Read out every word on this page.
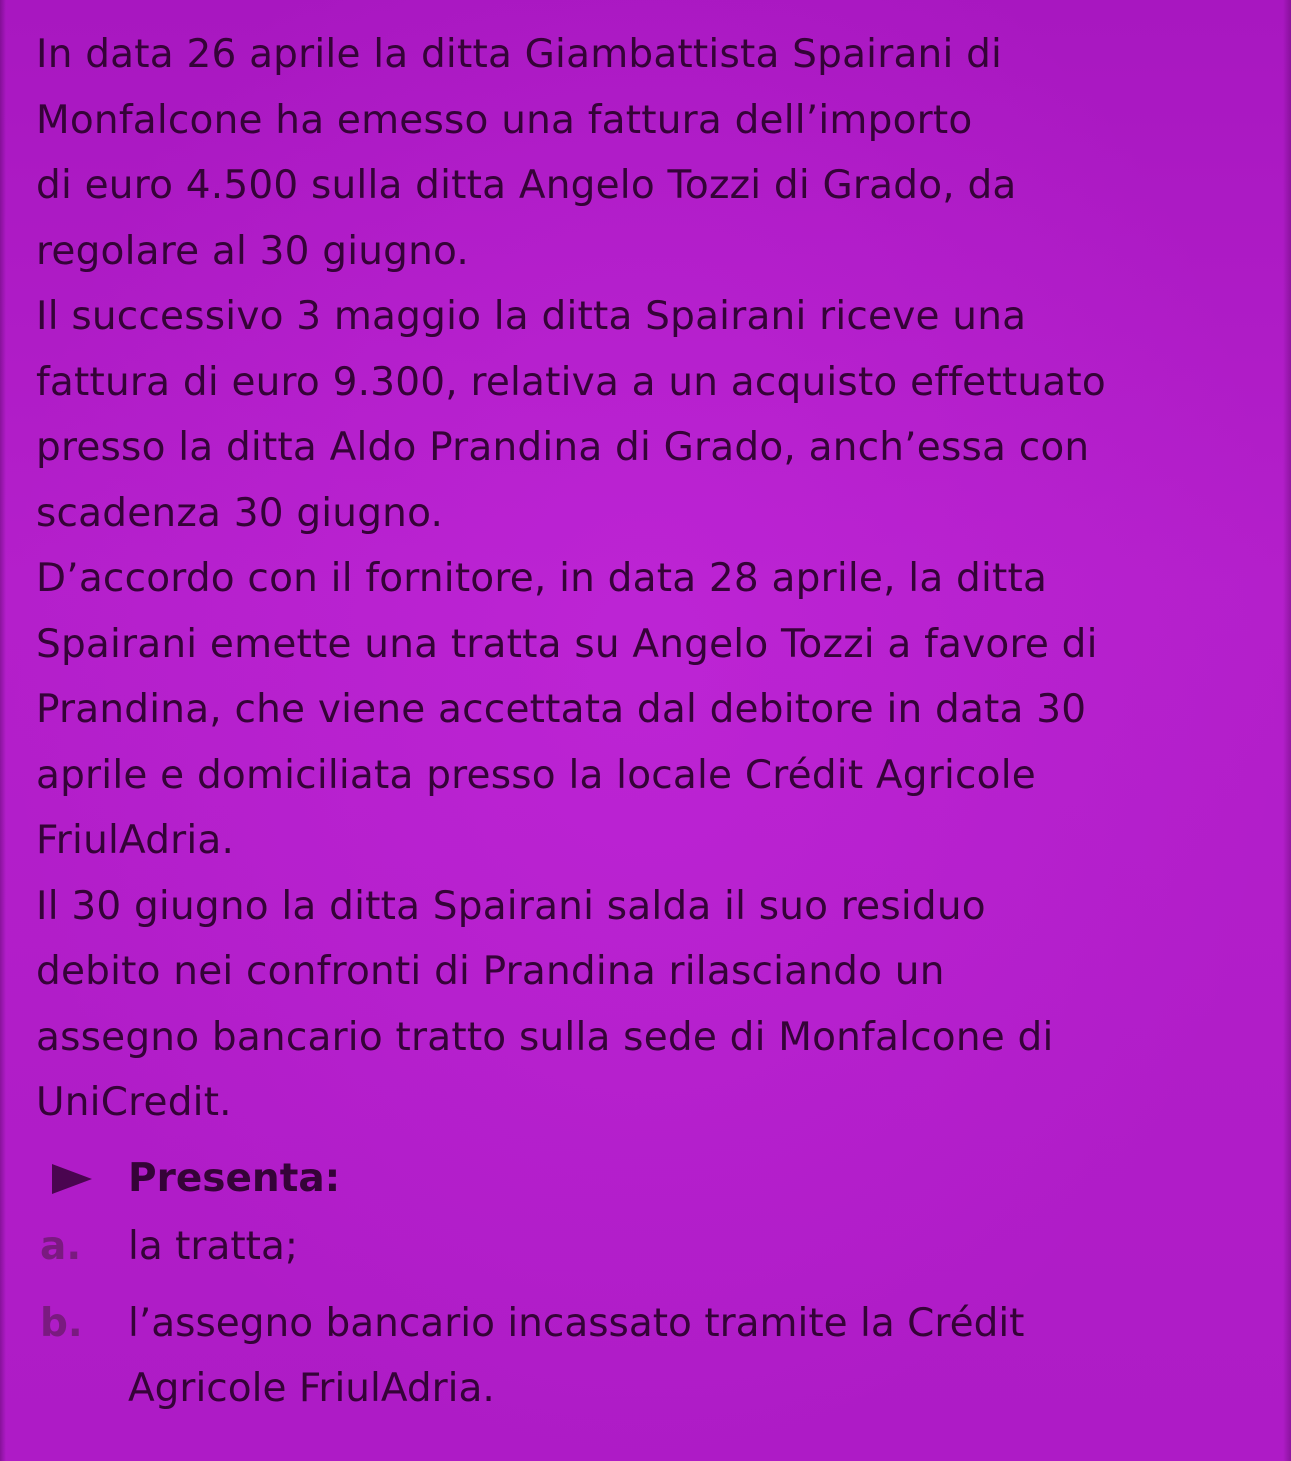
In data 26 aprile la ditta Giambattista Spairani di
Monfalcone ha emesso una fattura dell’importo
di euro 4.500 sulla ditta Angelo Tozzi di Grado, da
regolare al 30 giugno.

Il successivo 3 maggio la ditta Spairani riceve una
fattura di euro 9.300, relativa a un acquisto effettuato
presso la ditta Aldo Prandina di Grado, anch’essa con
scadenza 30 giugno.

D’accordo con il fornitore, in data 28 aprile, la ditta
Spairani emette una tratta su Angelo Tozzi a favore di
Prandina, che viene accettata dal debitore in data 30
aprile e domiciliata presso la locale Crédit Agricole
FriulAdria.

Il 30 giugno la ditta Spairani salda il suo residuo
debito nei confronti di Prandina rilasciando un
assegno bancario tratto sulla sede di Monfalcone di
UniCredit.

Presenta:
a. la tratta;
b. l’assegno bancario incassato tramite la Crédit
Agricole FriulAdria.
